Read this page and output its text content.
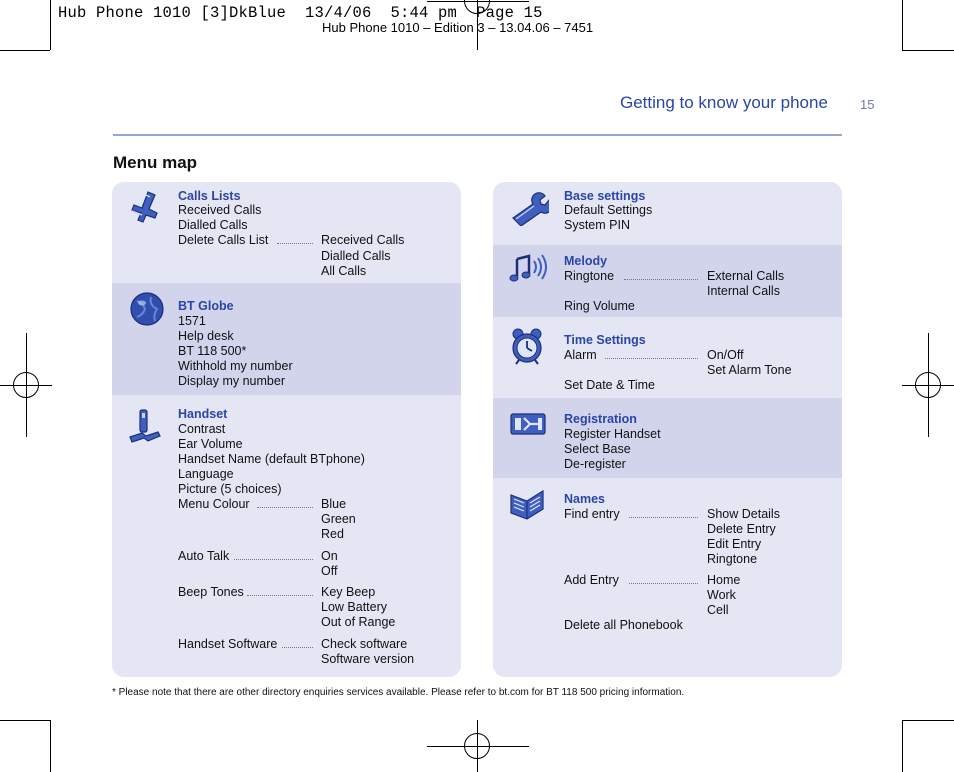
Hub Phone 1010 – Edition 3 – 13.04.06 – 7451
Hub Phone 1010 [3]DkBlue  13/4/06  5:44 pm  Page 15
Getting to know your phone 15
Menu map
Calls Lists
Received Calls
Dialled Calls
Delete Calls List	Received Calls
Dialled Calls
All Calls
BT Globe
1571
Help desk
BT 118 500*
Withhold my number
Display my number
Handset
Contrast
Ear Volume
Handset Name (default BTphone)
Language
Picture (5 choices)
Menu Colour	Blue
Green
Red
Auto Talk	On
Off
Beep Tones	Key Beep
Low Battery
Out of Range
Handset Software	Check software
Software version
Base settings
Default Settings
System PIN
Melody
Ringtone	External Calls
Internal Calls
Ring Volume
Time Settings
Alarm	On/Off
Set Alarm Tone
Set Date & Time
Registration
Register Handset
Select Base
De-register
Names
Find entry	Show Details
Delete Entry
Edit Entry
Ringtone
Add Entry	Home
Work
Cell
Delete all Phonebook
* Please note that there are other directory enquiries services available. Please refer to bt.com for BT 118 500 pricing information.
